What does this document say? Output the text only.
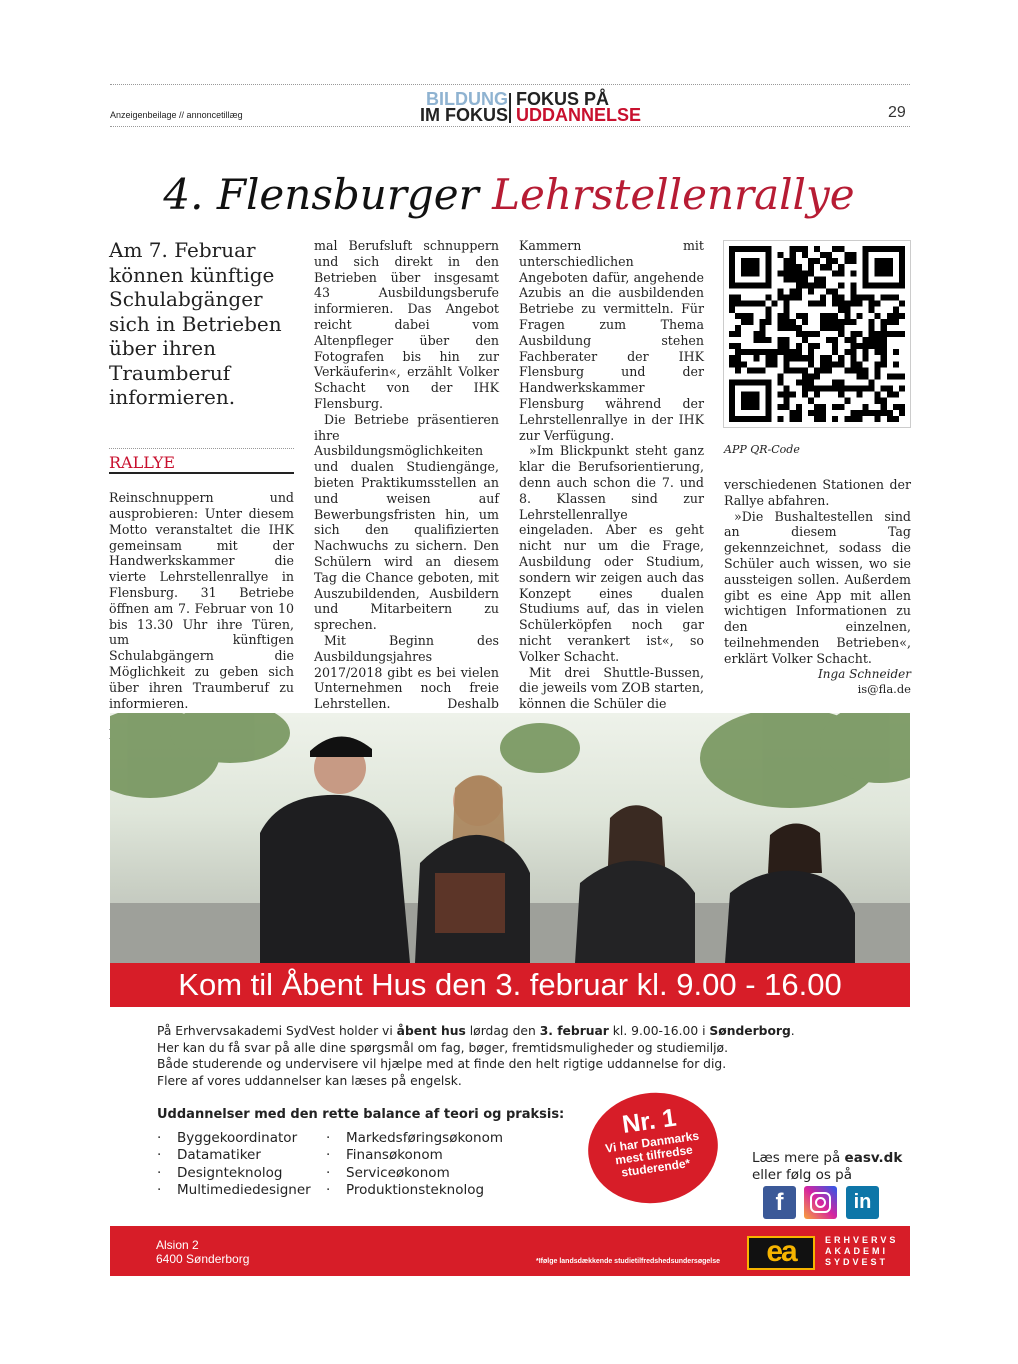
Anzeigenbeilage // annoncetillæg
BILDUNG
IM FOKUS
FOKUS PÅ
UDDANNELSE	29
4. Flensburger Lehrstellenrallye
Am 7. Februar können künftige Schulabgänger sich in Betrieben über ihren Traumberuf informieren.
RALLYE

Reinschnuppern und ausprobieren: Unter diesem Motto veranstaltet die IHK gemeinsam mit der Handwerkskammer die vierte Lehrstellenrallye in Flensburg. 31 Betriebe öffnen am 7. Februar von 10 bis 13.30 Uhr ihre Türen, um künftigen Schulabgängern die Möglichkeit zu geben sich über ihren Traumberuf zu informieren.

mal Berufsluft schnuppern und sich direkt in den Betrieben über insgesamt 43 Ausbildungsberufe informieren. Das Angebot reicht dabei vom Altenpfleger über den Fotografen bis hin zur Verkäuferin«, erzählt Volker Schacht von der IHK Flensburg.

Die Betriebe präsentieren ihre Ausbildungsmöglichkeiten und dualen Studiengänge, bieten Praktikumsstellen an und weisen auf Bewerbungsfristen hin, um sich den qualifizierten Nachwuchs zu sichern. Den Schülern wird an diesem Tag die Chance geboten, mit Auszubildenden, Ausbildern und Mitarbeitern zu sprechen.

Mit Beginn des Ausbildungsjahres 2017/2018 gibt es bei vielen Unternehmen noch freie Lehrstellen. Deshalb

Kammern mit unterschiedlichen Angeboten dafür, angehende Azubis an die ausbildenden Betriebe zu vermitteln. Für Fragen zum Thema Ausbildung stehen Fachberater der IHK Flensburg und der Handwerkskammer Flensburg während der Lehrstellenrallye in der IHK zur Verfügung.

»Im Blickpunkt steht ganz klar die Berufsorientierung, denn auch schon die 7. und 8. Klassen sind zur Lehrstellenrallye eingeladen. Aber es geht nicht nur um die Frage, Ausbildung oder Studium, sondern wir zeigen auch das Konzept eines dualen Studiums auf, das in vielen Schülerköpfen noch gar nicht verankert ist«, so Volker Schacht.

Mit drei Shuttle-Bussen, die jeweils vom ZOB starten, können die Schüler die

APP QR-Code

verschiedenen Stationen der Rallye abfahren.

»Die Bushaltestellen sind an diesem Tag gekennzeichnet, sodass die Schüler auch wissen, wo sie aussteigen sollen. Außerdem gibt es eine App mit allen wichtigen Informationen zu den einzelnen, teilnehmenden Betrieben«, erklärt Volker Schacht.

Inga Schneider
is@fla.de
Kom til Åbent Hus den 3. februar kl. 9.00 - 16.00
På Erhvervsakademi SydVest holder vi åbent hus lørdag den 3. februar kl. 9.00-16.00 i Sønderborg.
Her kan du få svar på alle dine spørgsmål om fag, bøger, fremtidsmuligheder og studiemiljø.
Både studerende og undervisere vil hjælpe med at finde den helt rigtige uddannelse for dig.
Flere af vores uddannelser kan læses på engelsk.
Uddannelser med den rette balance af teori og praksis:
· Byggekoordinator
· Datamatiker
· Designteknolog
· Multimediedesigner
· Markedsføringsøkonom
· Finansøkonom
· Serviceøkonom
· Produktionsteknolog
Nr. 1
Vi har Danmarks mest tilfredse studerende*	Læs mere på easv.dk
eller følg os på
f	in
Alsion 2
6400 Sønderborg	*Ifølge landsdækkende studietilfredshedsundersøgelse	ea	ERHVERVS
AKADEMI
SYDVEST
